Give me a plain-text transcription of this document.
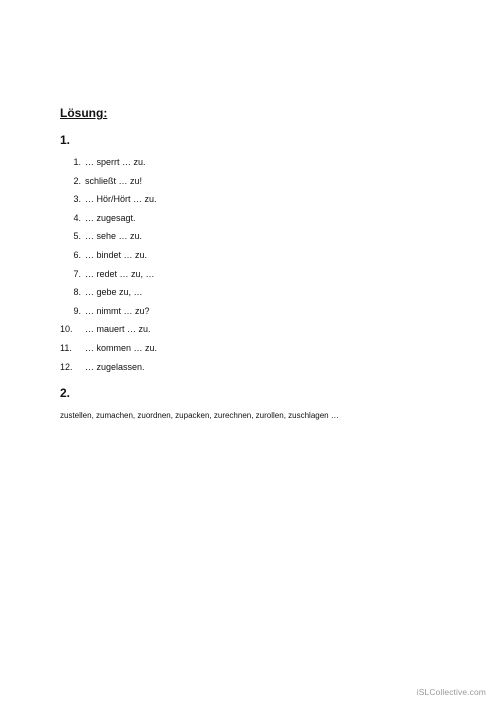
Lösung:
1.
1. … sperrt … zu.
2. schließt … zu!
3. … Hör/Hört … zu.
4. … zugesagt.
5. … sehe … zu.
6. … bindet … zu.
7. … redet … zu, …
8. … gebe zu, …
9. … nimmt … zu?
10.	… mauert … zu.
11.	… kommen … zu.
12.	… zugelassen.
2.
zustellen, zumachen, zuordnen, zupacken, zurechnen, zurollen, zuschlagen …
iSLCollective.com
